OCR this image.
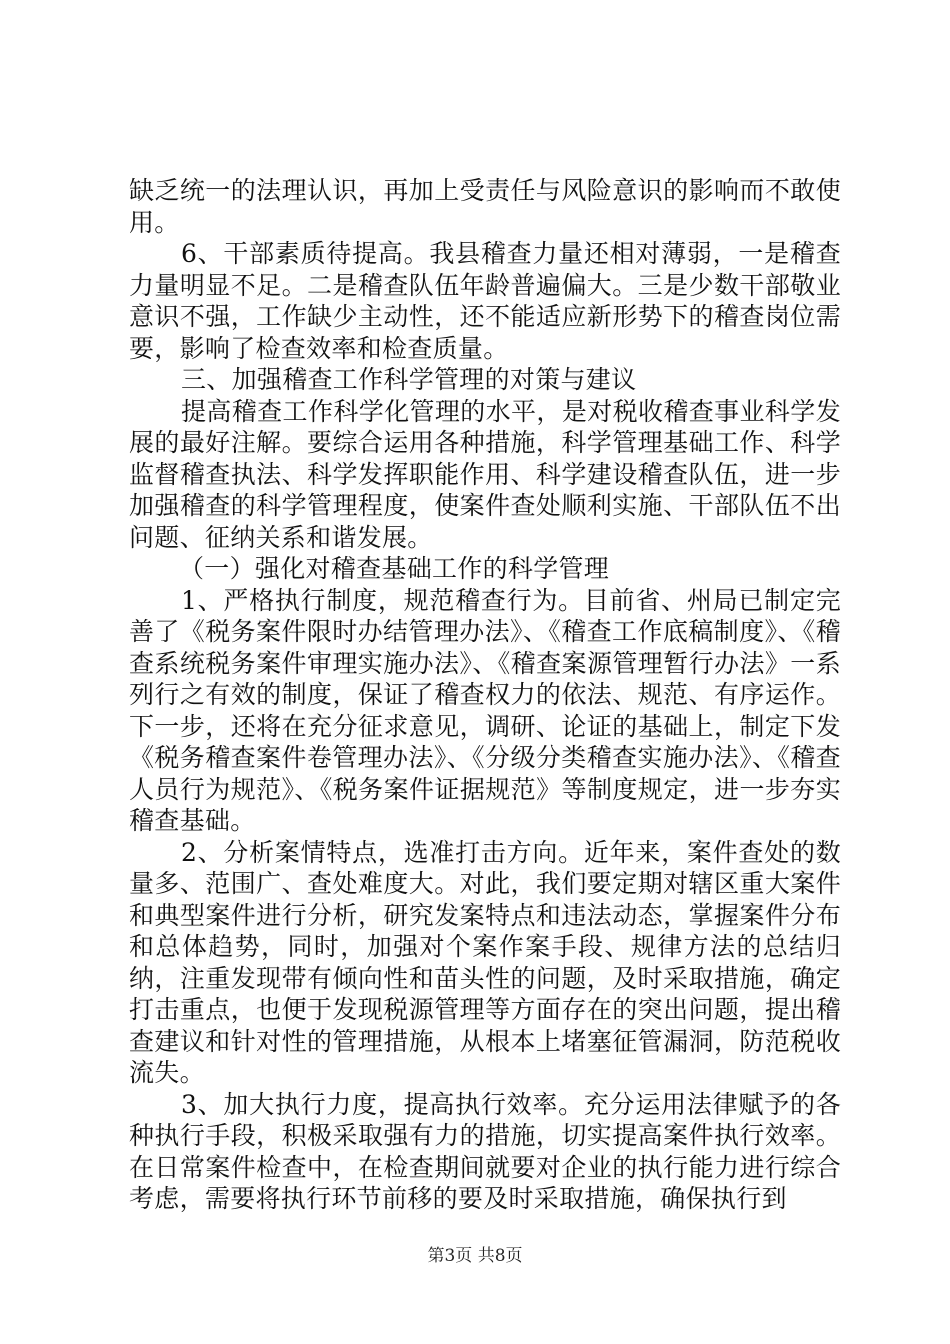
缺乏统一的法理认识，再加上受责任与风险意识的影响而不敢使用。

6、干部素质待提高。我县稽查力量还相对薄弱，一是稽查力量明显不足。二是稽查队伍年龄普遍偏大。三是少数干部敬业意识不强，工作缺少主动性，还不能适应新形势下的稽查岗位需要，影响了检查效率和检查质量。

三、加强稽查工作科学管理的对策与建议

提高稽查工作科学化管理的水平，是对税收稽查事业科学发展的最好注解。要综合运用各种措施，科学管理基础工作、科学监督稽查执法、科学发挥职能作用、科学建设稽查队伍，进一步加强稽查的科学管理程度，使案件查处顺利实施、干部队伍不出问题、征纳关系和谐发展。

（一）强化对稽查基础工作的科学管理

1、严格执行制度，规范稽查行为。目前省、州局已制定完善了《税务案件限时办结管理办法》、《稽查工作底稿制度》、《稽查系统税务案件审理实施办法》、《稽查案源管理暂行办法》一系列行之有效的制度，保证了稽查权力的依法、规范、有序运作。下一步，还将在充分征求意见，调研、论证的基础上，制定下发《税务稽查案件卷管理办法》、《分级分类稽查实施办法》、《稽查人员行为规范》、《税务案件证据规范》等制度规定，进一步夯实稽查基础。

2、分析案情特点，选准打击方向。近年来，案件查处的数量多、范围广、查处难度大。对此，我们要定期对辖区重大案件和典型案件进行分析，研究发案特点和违法动态，掌握案件分布和总体趋势，同时，加强对个案作案手段、规律方法的总结归纳，注重发现带有倾向性和苗头性的问题，及时采取措施，确定打击重点，也便于发现税源管理等方面存在的突出问题，提出稽查建议和针对性的管理措施，从根本上堵塞征管漏洞，防范税收流失。

3、加大执行力度，提高执行效率。充分运用法律赋予的各种执行手段，积极采取强有力的措施，切实提高案件执行效率。在日常案件检查中，在检查期间就要对企业的执行能力进行综合考虑，需要将执行环节前移的要及时采取措施，确保执行到

第3页 共8页
